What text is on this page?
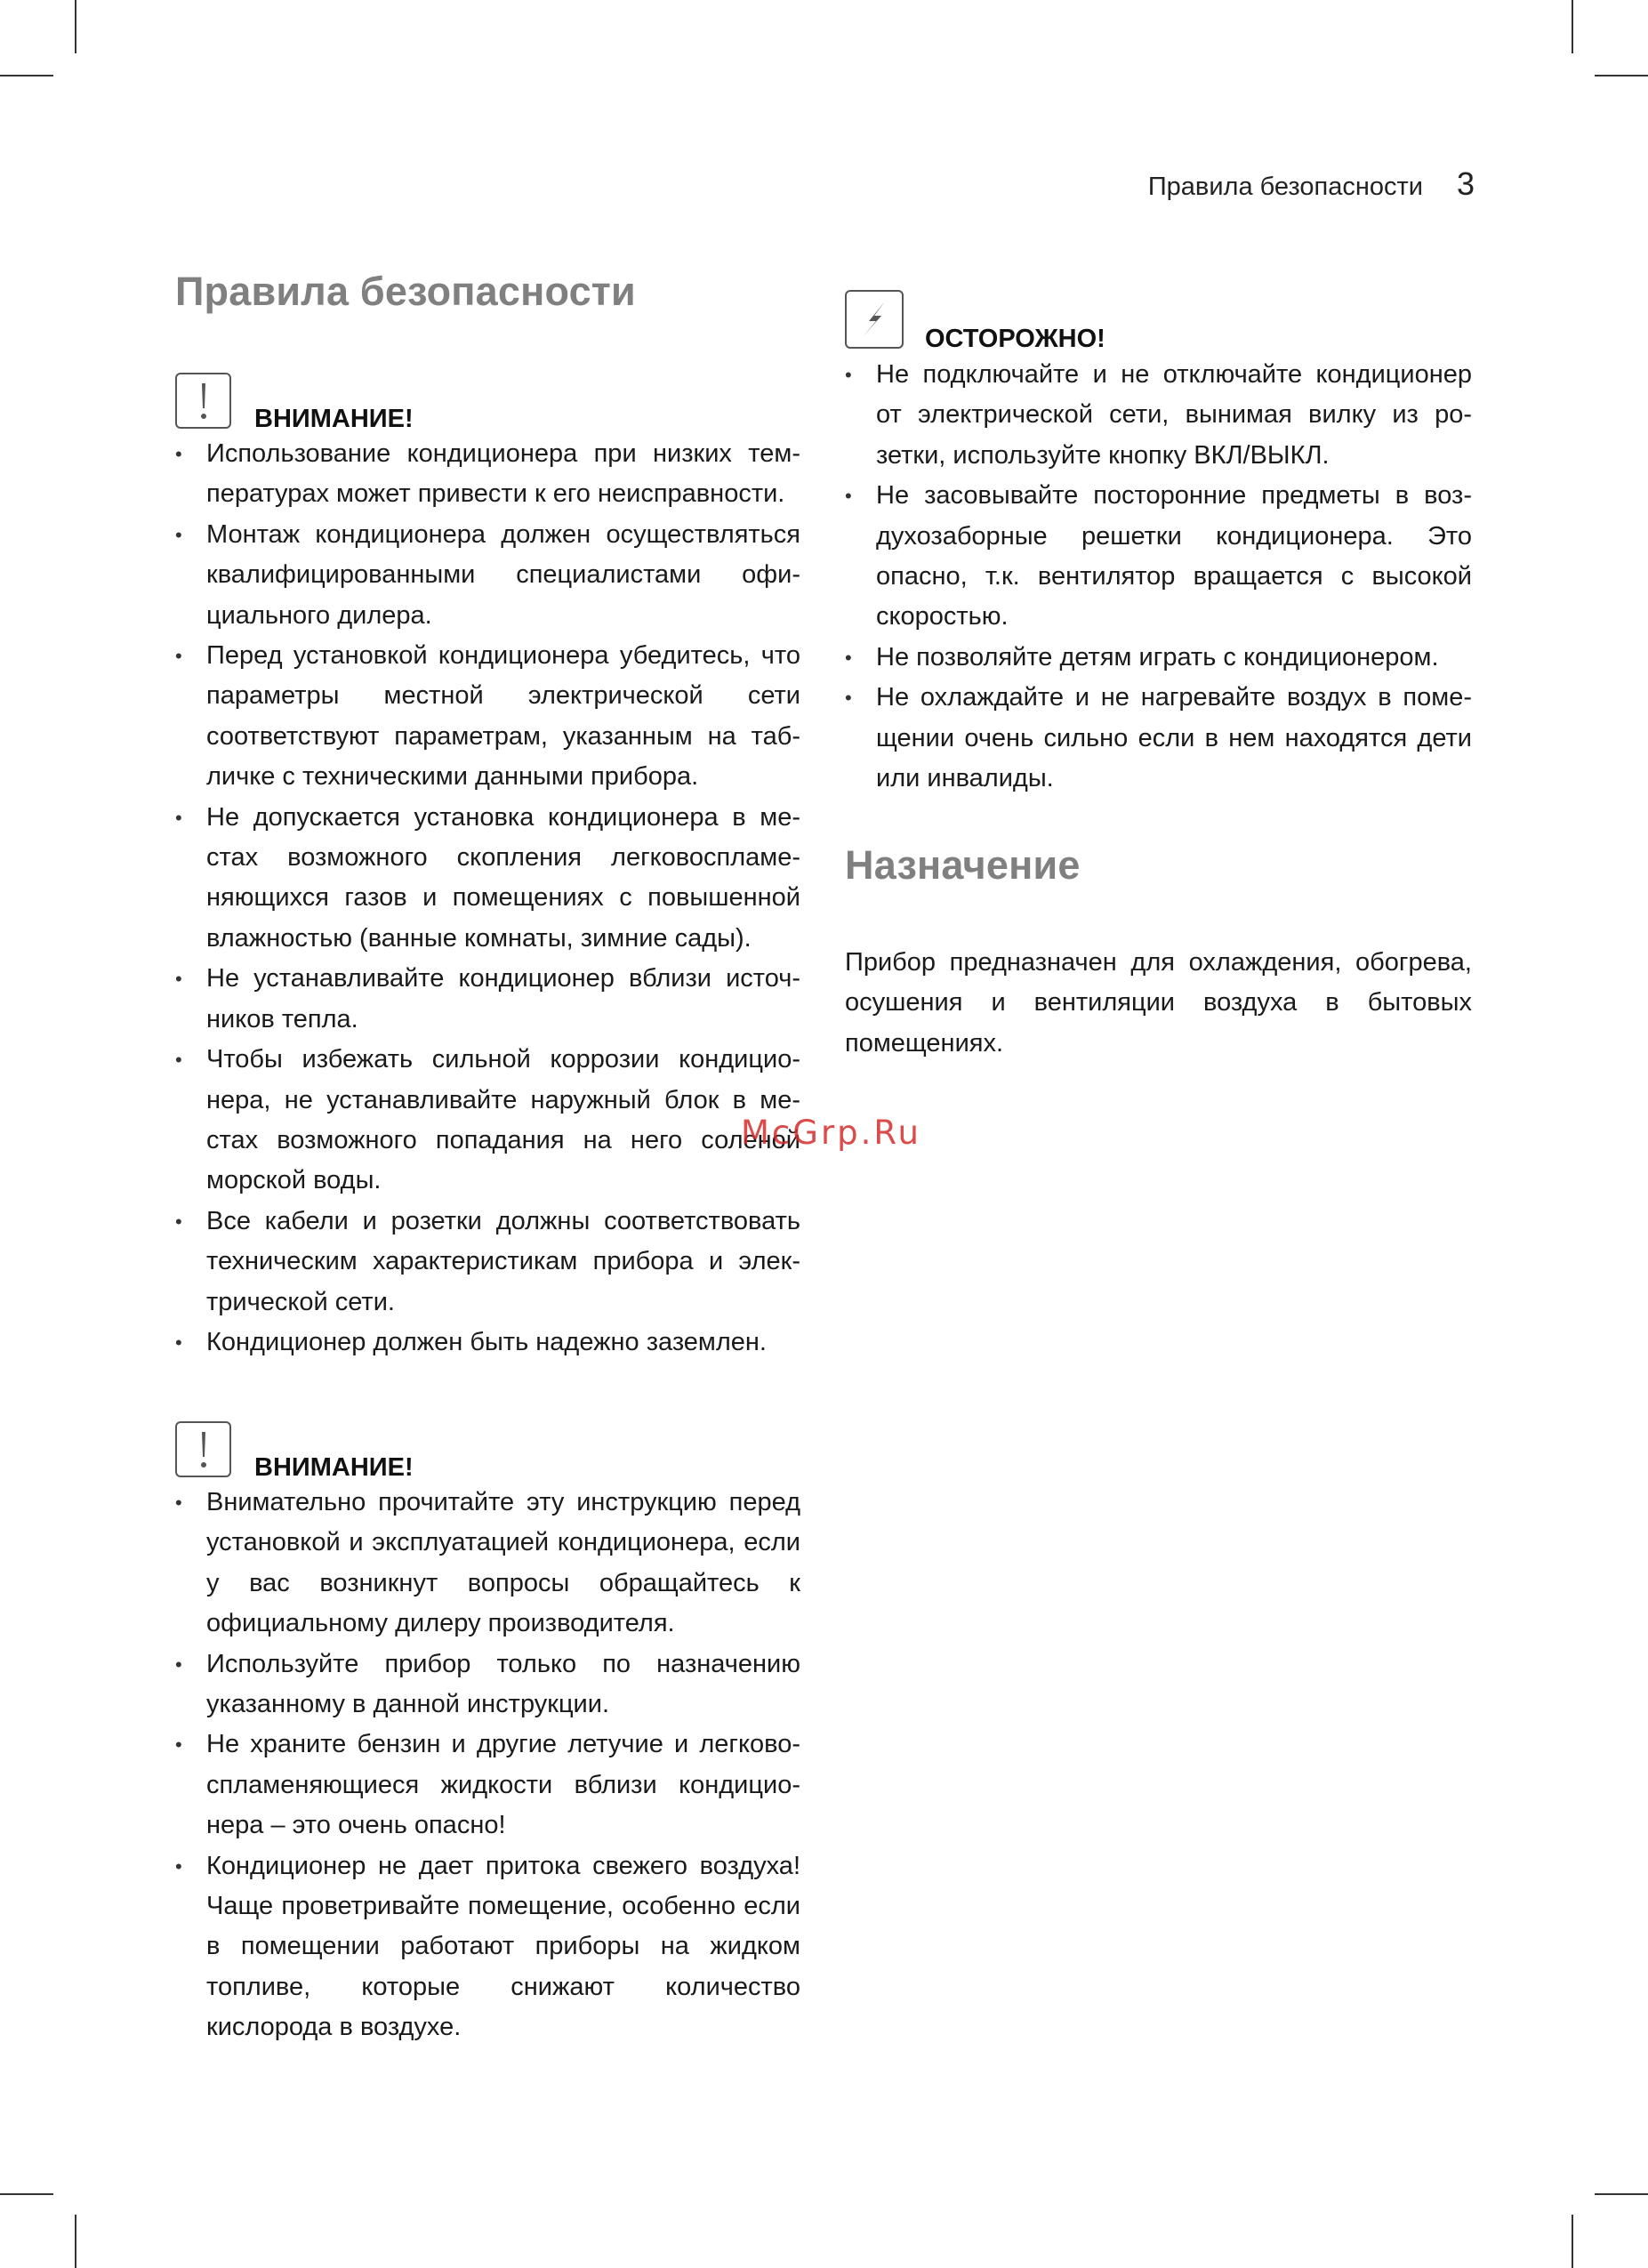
Правила безопасности 3
Правила безопасности
ВНИМАНИЕ!
• Использование кондиционера при низких температурах может привести к его неисправности.
• Монтаж кондиционера должен осуществляться квалифицированными специалистами официального дилера.
• Перед установкой кондиционера убедитесь, что параметры местной электрической сети соответствуют параметрам, указанным на табличке с техническими данными прибора.
• Не допускается установка кондиционера в местах возможного скопления легковоспламеняющихся газов и помещениях с повышенной влажностью (ванные комнаты, зимние сады).
• Не устанавливайте кондиционер вблизи источников тепла.
• Чтобы избежать сильной коррозии кондиционера, не устанавливайте наружный блок в местах возможного попадания на него соленой морской воды.
• Все кабели и розетки должны соответствовать техническим характеристикам прибора и электрической сети.
• Кондиционер должен быть надежно заземлен.
ВНИМАНИЕ!
• Внимательно прочитайте эту инструкцию перед установкой и эксплуатацией кондиционера, если у вас возникнут вопросы обращайтесь к официальному дилеру производителя.
• Используйте прибор только по назначению указанному в данной инструкции.
• Не храните бензин и другие летучие и легковоспламеняющиеся жидкости вблизи кондиционера – это очень опасно!
• Кондиционер не дает притока свежего воздуха! Чаще проветривайте помещение, особенно если в помещении работают приборы на жидком топливе, которые снижают количество кислорода в воздухе.
ОСТОРОЖНО!
• Не подключайте и не отключайте кондиционер от электрической сети, вынимая вилку из розетки, используйте кнопку ВКЛ/ВЫКЛ.
• Не засовывайте посторонние предметы в воздухозаборные решетки кондиционера. Это опасно, т.к. вентилятор вращается с высокой скоростью.
• Не позволяйте детям играть с кондиционером.
• Не охлаждайте и не нагревайте воздух в помещении очень сильно если в нем находятся дети или инвалиды.
Назначение

Прибор предназначен для охлаждения, обогрева, осушения и вентиляции воздуха в бытовых помещениях.

McGrp.Ru
